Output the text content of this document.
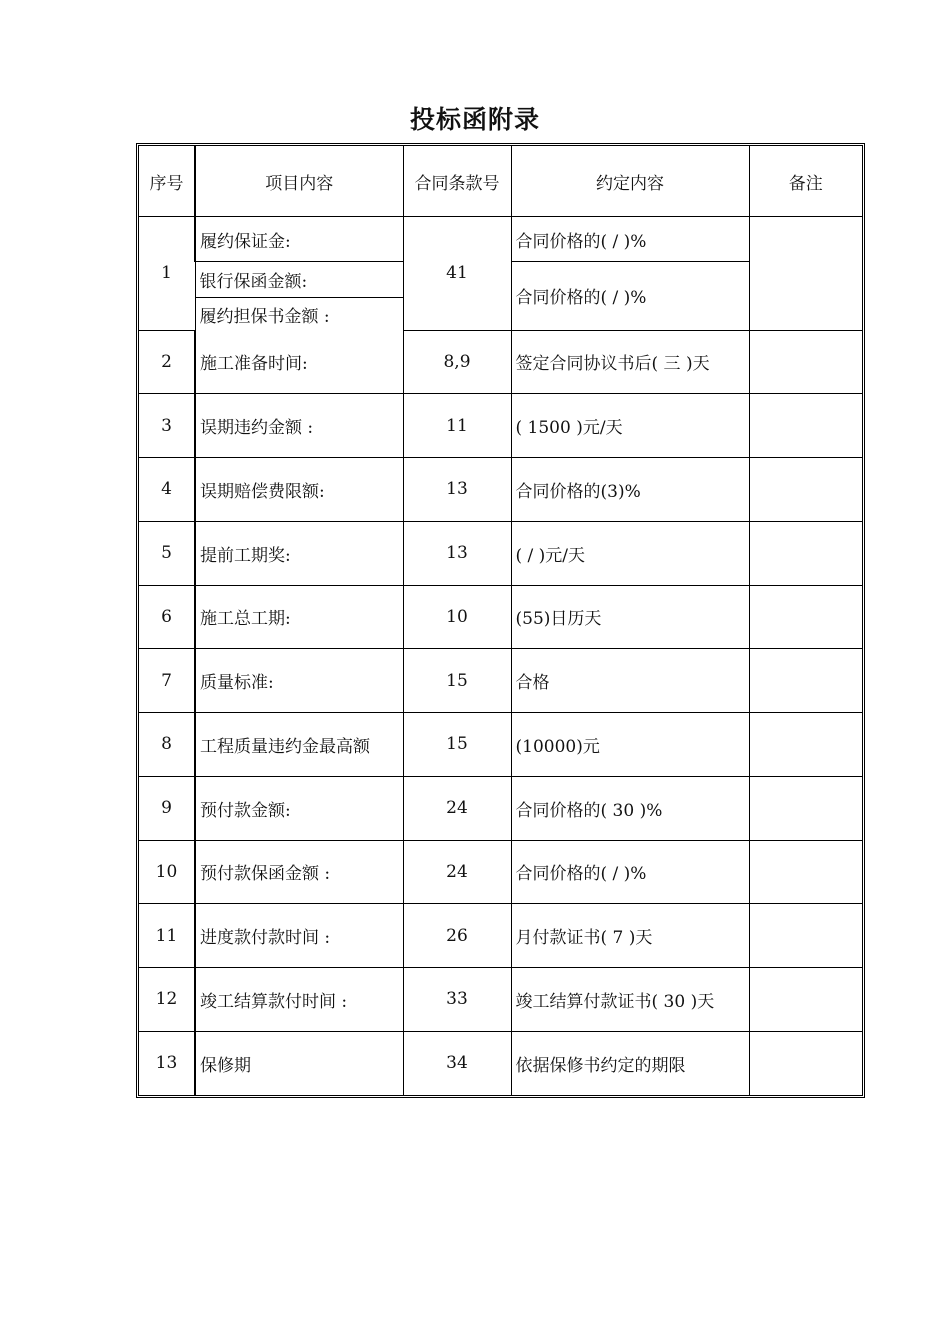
投标函附录
序号	项目内容	合同条款号	约定内容	备注
1	履约保证金:	41	合同价格的( / )%	
	银行保函金额:		合同价格的( / )%	
	履约担保书金额 :			
2	施工准备时间:	8,9	签定合同协议书后( 三 )天	
3	误期违约金额 :	11	( 1500 )元/天	
4	误期赔偿费限额:	13	合同价格的(3)%	
5	提前工期奖:	13	( / )元/天	
6	施工总工期:	10	(55)日历天	
7	质量标准:	15	合格	
8	工程质量违约金最高额	15	(10000)元	
9	预付款金额:	24	合同价格的( 30 )%	
10	预付款保函金额 :	24	合同价格的( / )%	
11	进度款付款时间 :	26	月付款证书( 7 )天	
12	竣工结算款付时间 :	33	竣工结算付款证书( 30 )天	
13	保修期	34	依据保修书约定的期限	
